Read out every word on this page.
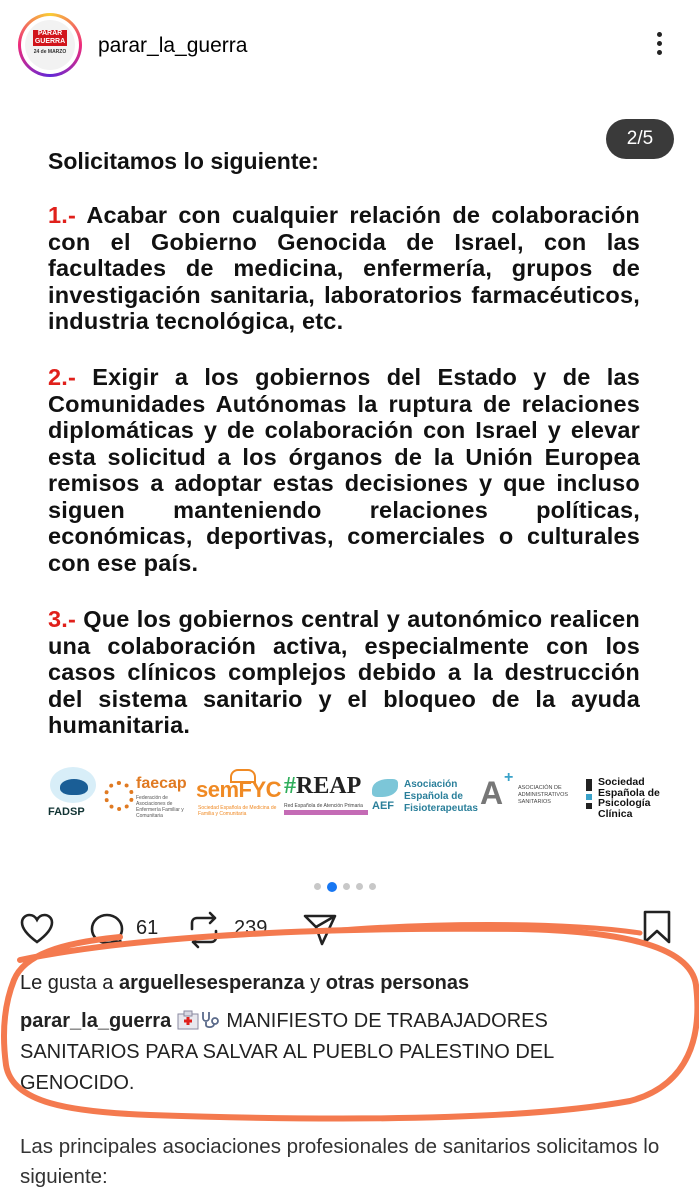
PARAR
GUERRA
24 de MARZO parar_la_guerra
2/5
Solicitamos lo siguiente:
1.- Acabar con cualquier relación de colaboración con el Gobierno Genocida de Israel, con las facultades de medicina, enfermería, grupos de investigación sanitaria, laboratorios farmacéuticos, industria tecnológica, etc.
2.- Exigir a los gobiernos del Estado y de las Comunidades Autónomas la ruptura de relaciones diplomáticas y de colaboración con Israel y elevar esta solicitud a los órganos de la Unión Europea remisos a adoptar estas decisiones y que incluso siguen manteniendo relaciones políticas, económicas, deportivas, comerciales o culturales con ese país.
3.- Que los gobiernos central y autonómico realicen una colaboración activa, especialmente con los casos clínicos complejos debido a la destrucción del sistema sanitario y el bloqueo de la ayuda humanitaria.
FADSP
faecap
Federación de Asociaciones de Enfermería Familiar y Comunitaria
semFYC
Sociedad Española de Medicina de Familia y Comunitaria
#REAP
Red Española de Atención Primaria AEF
Asociación Española de Fisioterapeutas A +
ASOCIACIÓN DE ADMINISTRATIVOS SANITARIOS
Sociedad Española de Psicología Clínica
61	239
Le gusta a arguellesesperanza y otras personas
parar_la_guerra  MANIFIESTO DE TRABAJADORES SANITARIOS PARA SALVAR AL PUEBLO PALESTINO DEL GENOCIDO.
Las principales asociaciones profesionales de sanitarios solicitamos lo siguiente:
